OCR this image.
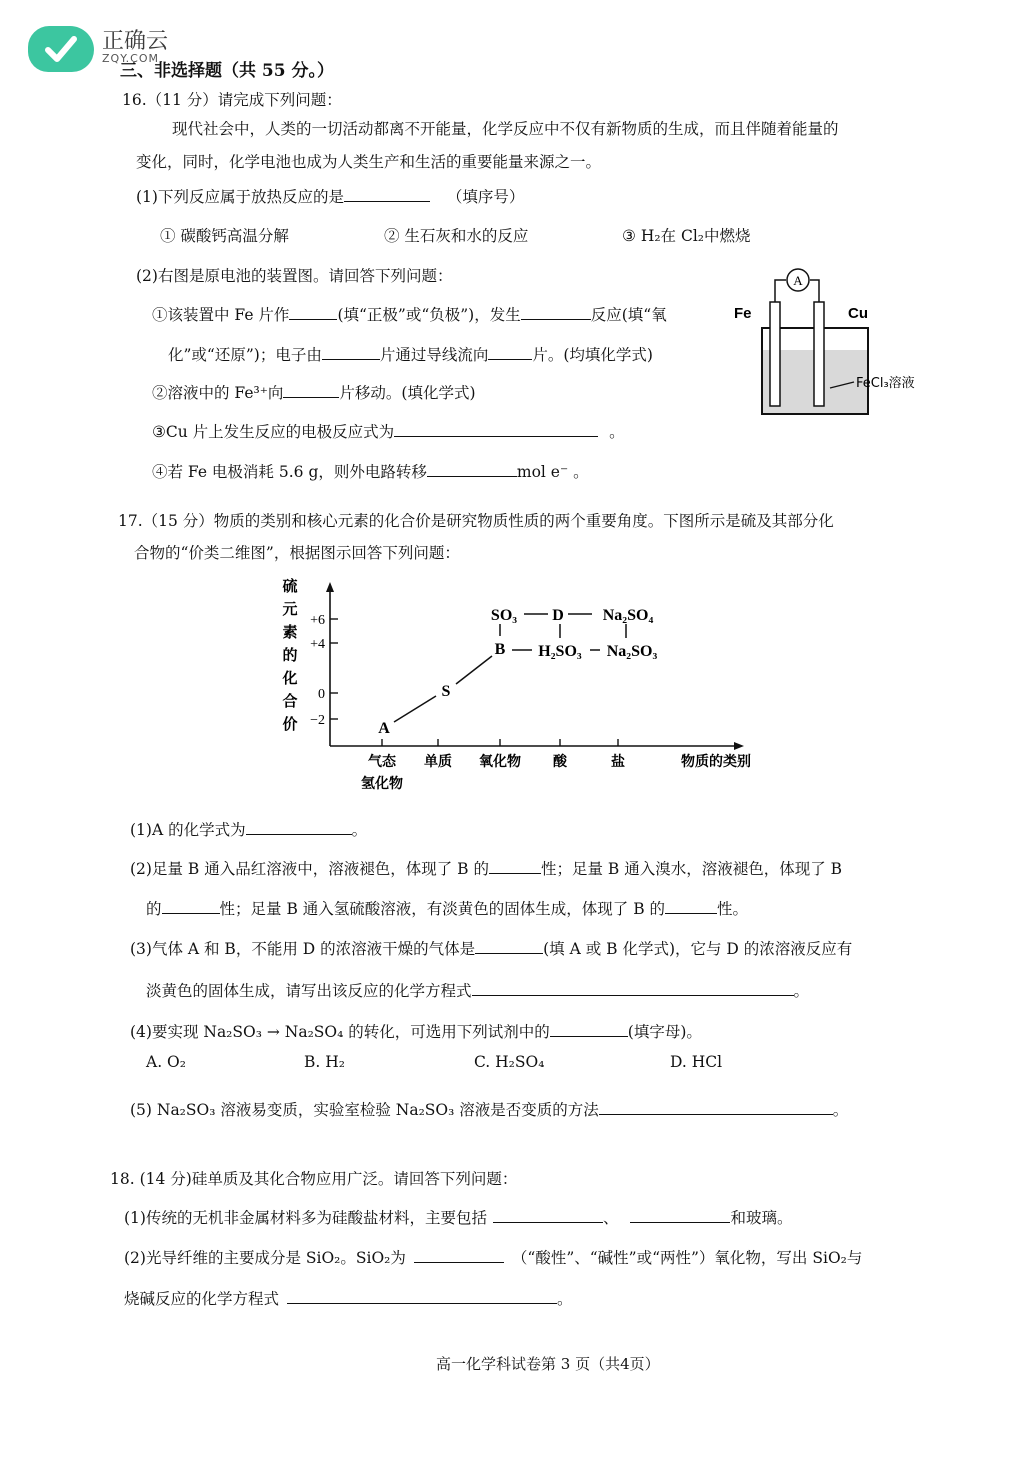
正确云
ZQY.COM
三、非选择题（共 55 分。）
16.（11 分）请完成下列问题：
现代社会中，人类的一切活动都离不开能量，化学反应中不仅有新物质的生成，而且伴随着能量的
变化，同时，化学电池也成为人类生产和生活的重要能量来源之一。
(1)下列反应属于放热反应的是	（填序号）
① 碳酸钙高温分解	② 生石灰和水的反应	③ H₂在 Cl₂中燃烧
(2)右图是原电池的装置图。请回答下列问题：
①该装置中 Fe 片作	(填“正极”或“负极”)，发生	反应(填“氧
化”或“还原”)；电子由	片通过导线流向	片。(均填化学式)
②溶液中的 Fe³⁺向	片移动。(填化学式)
③Cu 片上发生反应的电极反应式为	。
④若 Fe 电极消耗 5.6 g，则外电路转移	mol e⁻ 。
A
Fe	Cu
FeCl₃溶液
17.（15 分）物质的类别和核心元素的化合价是研究物质性质的两个重要角度。下图所示是硫及其部分化
合物的“价类二维图”，根据图示回答下列问题：
硫
元
素
的
化
合
价
+6
+4
0
−2
气态
氢化物
单质 氧化物 酸	盐	物质的类别
A
S
B
SO₃ D Na₂SO₄
H₂SO₃ Na₂SO₃
(1)A 的化学式为	。
(2)足量 B 通入品红溶液中，溶液褪色，体现了 B 的	性；足量 B 通入溴水，溶液褪色，体现了 B
的	性；足量 B 通入氢硫酸溶液，有淡黄色的固体生成，体现了 B 的	性。
(3)气体 A 和 B，不能用 D 的浓溶液干燥的气体是	(填 A 或 B 化学式)，它与 D 的浓溶液反应有
淡黄色的固体生成，请写出该反应的化学方程式	。
(4)要实现 Na₂SO₃ → Na₂SO₄ 的转化，可选用下列试剂中的	(填字母)。
A. O₂	B. H₂	C. H₂SO₄	D. HCl
(5) Na₂SO₃ 溶液易变质，实验室检验 Na₂SO₃ 溶液是否变质的方法	。
18. (14 分)硅单质及其化合物应用广泛。请回答下列问题：
(1)传统的无机非金属材料多为硅酸盐材料，主要包括	、	和玻璃。
(2)光导纤维的主要成分是 SiO₂。SiO₂为	（“酸性”、“碱性”或“两性”）氧化物，写出 SiO₂与
烧碱反应的化学方程式	。
高一化学科试卷第 3 页（共4页）
